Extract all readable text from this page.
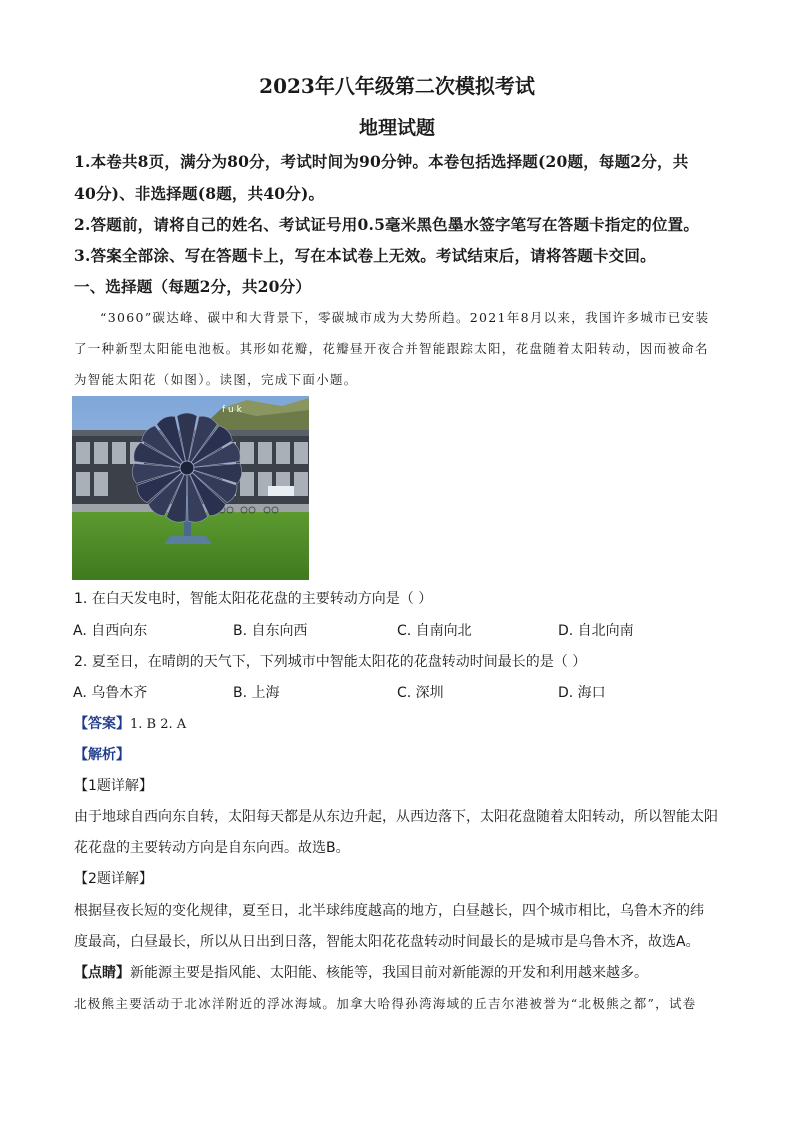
2023年八年级第二次模拟考试
地理试题
1.本卷共8页，满分为80分，考试时间为90分钟。本卷包括选择题(20题，每题2分，共
40分)、非选择题(8题，共40分)。
2.答题前，请将自己的姓名、考试证号用0.5毫米黑色墨水签字笔写在答题卡指定的位置。
3.答案全部涂、写在答题卡上，写在本试卷上无效。考试结束后，请将答题卡交回。
一、选择题（每题2分，共20分）
“3060”碳达峰、碳中和大背景下，零碳城市成为大势所趋。2021年8月以来，我国许多城市已安装
了一种新型太阳能电池板。其形如花瓣，花瓣昼开夜合并智能跟踪太阳，花盘随着太阳转动，因而被命名
为智能太阳花（如图）。读图，完成下面小题。
f u k
1. 在白天发电时，智能太阳花花盘的主要转动方向是（ ）
A. 自西向东	B. 自东向西	C. 自南向北	D. 自北向南
2. 夏至日，在晴朗的天气下，下列城市中智能太阳花的花盘转动时间最长的是（ ）
A. 乌鲁木齐	B. 上海	C. 深圳	D. 海口
【答案】1. B 2. A
【解析】
【1题详解】
由于地球自西向东自转，太阳每天都是从东边升起，从西边落下，太阳花盘随着太阳转动，所以智能太阳
花花盘的主要转动方向是自东向西。故选B。
【2题详解】
根据昼夜长短的变化规律，夏至日，北半球纬度越高的地方，白昼越长，四个城市相比，乌鲁木齐的纬
度最高，白昼最长，所以从日出到日落，智能太阳花花盘转动时间最长的是城市是乌鲁木齐，故选A。
【点睛】新能源主要是指风能、太阳能、核能等，我国目前对新能源的开发和利用越来越多。
北极熊主要活动于北冰洋附近的浮冰海域。加拿大哈得孙湾海域的丘吉尔港被誉为“北极熊之都”，试卷
